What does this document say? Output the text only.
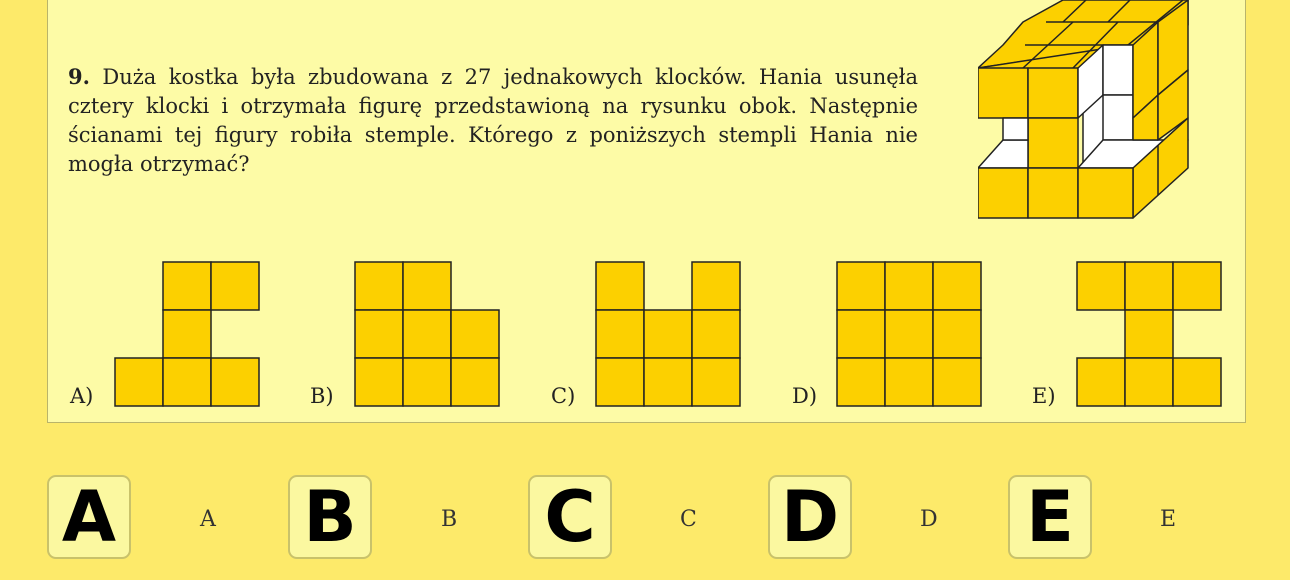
9. Duża kostka była zbudowana z 27 jednakowych klocków. Hania usunęła cztery klocki i otrzymała figurę przedstawioną na rysunku obok. Następnie ścianami tej figury robiła stemple. Którego z poniższych stempli Hania nie mogła otrzymać?
A)	B)	C)	D)	E)
A	A B	B C	C D	D E	E
